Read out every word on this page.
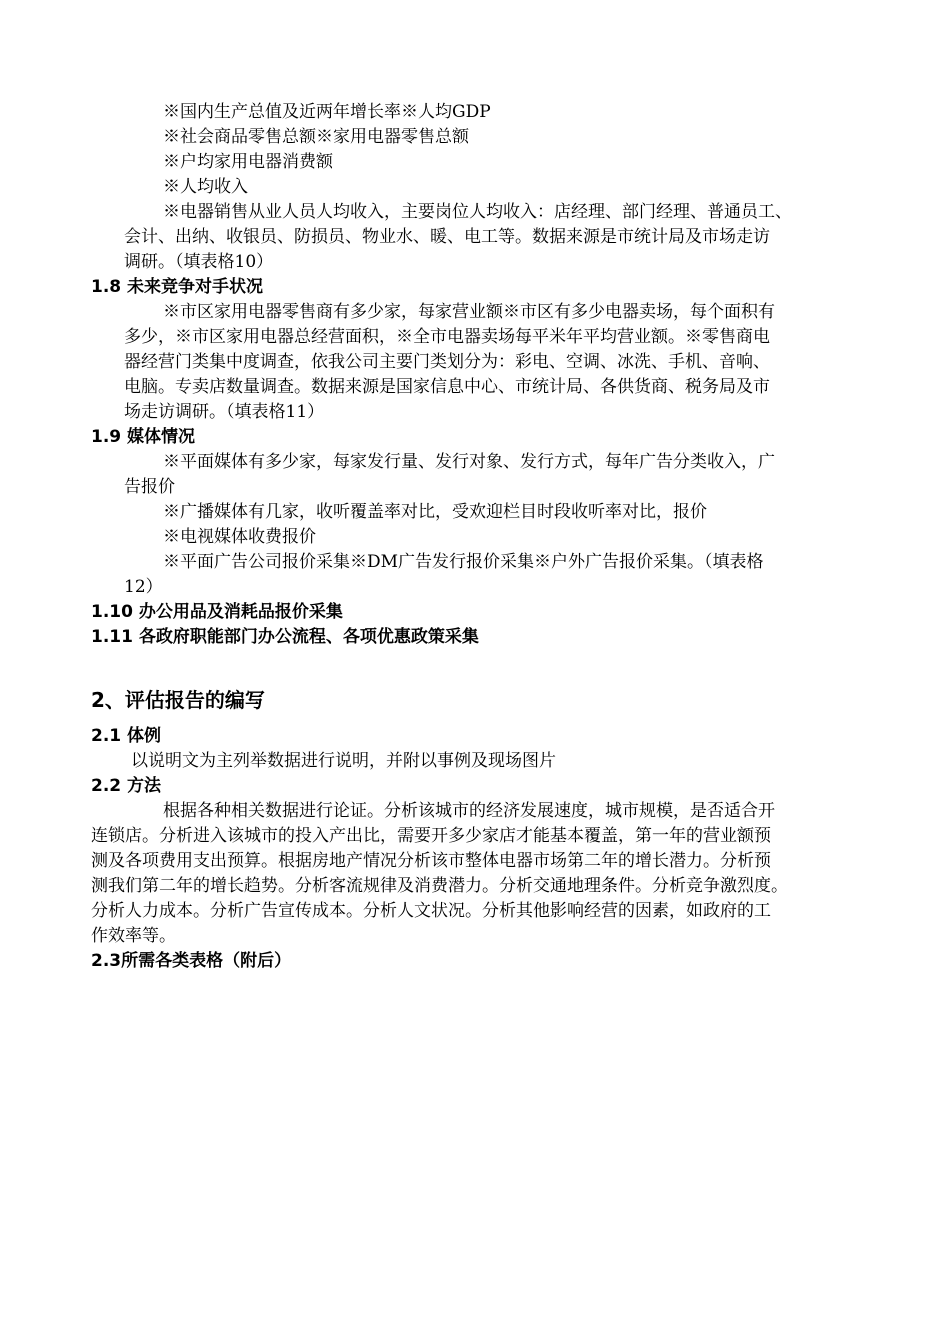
※国内生产总值及近两年增长率※人均GDP
※社会商品零售总额※家用电器零售总额
※户均家用电器消费额
※人均收入
※电器销售从业人员人均收入，主要岗位人均收入：店经理、部门经理、普通员工、
会计、出纳、收银员、防损员、物业水、暖、电工等。数据来源是市统计局及市场走访
调研。（填表格10）
1.8 未来竞争对手状况
※市区家用电器零售商有多少家，每家营业额※市区有多少电器卖场，每个面积有
多少，※市区家用电器总经营面积，※全市电器卖场每平米年平均营业额。※零售商电
器经营门类集中度调查，依我公司主要门类划分为：彩电、空调、冰洗、手机、音响、
电脑。专卖店数量调查。数据来源是国家信息中心、市统计局、各供货商、税务局及市
场走访调研。（填表格11）
1.9 媒体情况
※平面媒体有多少家，每家发行量、发行对象、发行方式，每年广告分类收入，广
告报价
※广播媒体有几家，收听覆盖率对比，受欢迎栏目时段收听率对比，报价
※电视媒体收费报价
※平面广告公司报价采集※DM广告发行报价采集※户外广告报价采集。（填表格
12）
1.10 办公用品及消耗品报价采集
1.11 各政府职能部门办公流程、各项优惠政策采集
2、评估报告的编写
2.1 体例
以说明文为主列举数据进行说明，并附以事例及现场图片
2.2 方法
根据各种相关数据进行论证。分析该城市的经济发展速度，城市规模，是否适合开
连锁店。分析进入该城市的投入产出比，需要开多少家店才能基本覆盖，第一年的营业额预
测及各项费用支出预算。根据房地产情况分析该市整体电器市场第二年的增长潜力。分析预
测我们第二年的增长趋势。分析客流规律及消费潜力。分析交通地理条件。分析竞争激烈度。
分析人力成本。分析广告宣传成本。分析人文状况。分析其他影响经营的因素，如政府的工
作效率等。
2.3所需各类表格（附后）
